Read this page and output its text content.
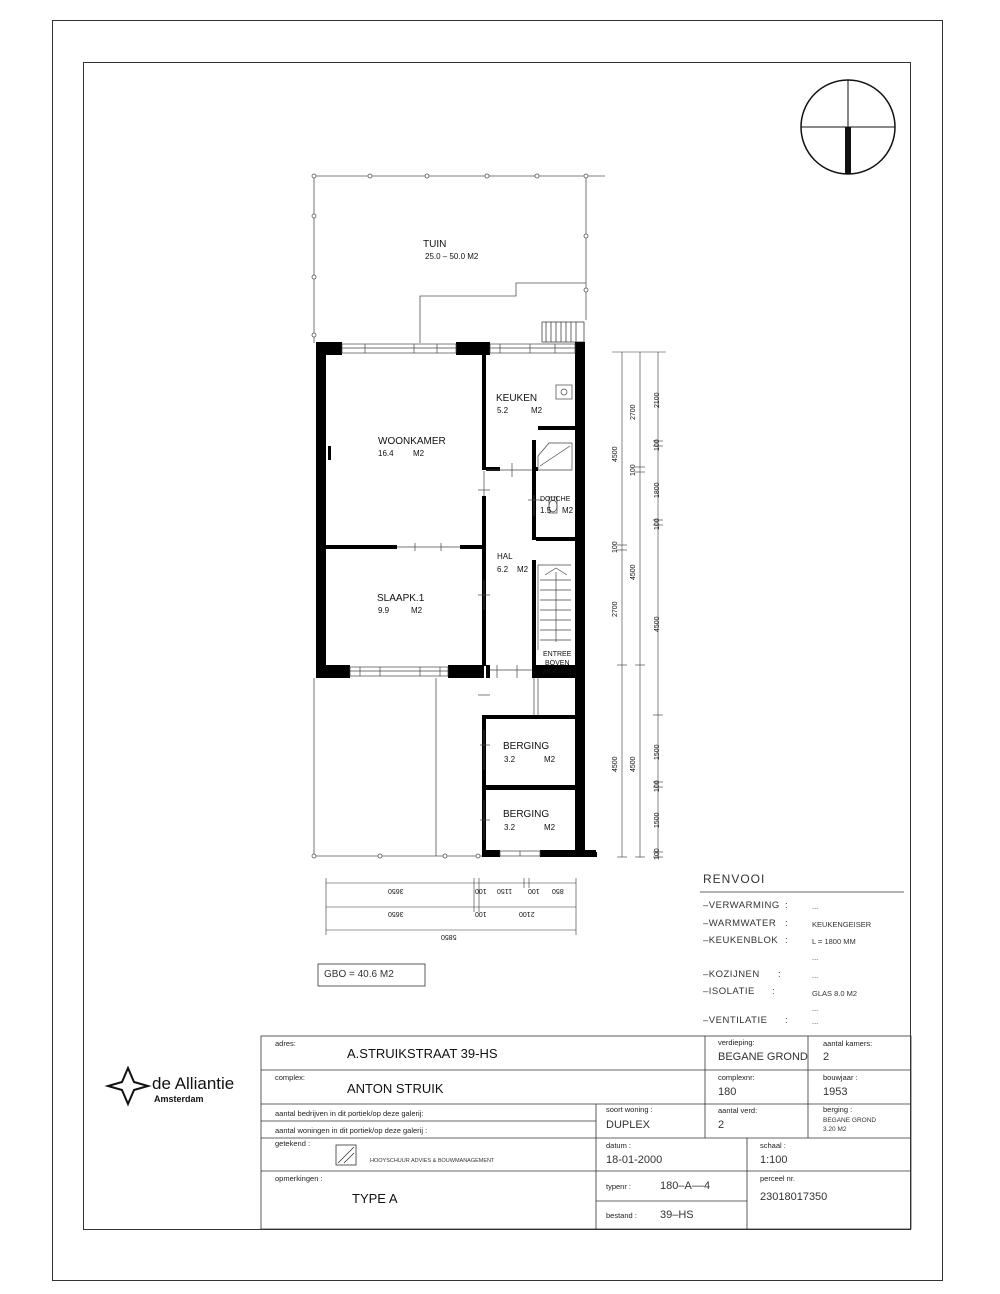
TUIN
25.0 – 50.0 M2
KEUKEN
5.2	M2
WOONKAMER
16.4 M2
DOUCHE
1.5 M2
HAL
6.2 M2
SLAAPK.1
9.9	M2
ENTREE
BOVEN
WONING
BERGING
3.2	M2
BERGING
3.2	M2
4500
100
2700
4500
2700
100
4500
4500
2100
100
1800
100
4500
1500
100
1500
100
3650	100 1150 100 850
3650	100	2100
5850
GBO = 40.6 M2
RENVOOI
–VERWARMING :	...
–WARMWATER :	KEUKENGEISER
–KEUKENBLOK :	L = 1800 MM
...
–KOZIJNEN :	...
–ISOLATIE :	GLAS 8.0 M2
...
–VENTILATIE :	...
de Alliantie
Amsterdam
adres:
A.STRUIKSTRAAT 39-HS
verdieping:
BEGANE GROND
aantal kamers:
2
complex:
ANTON STRUIK
complexnr:
180
bouwjaar :
1953
aantal bedrijven in dit portiek/op deze galerij:
aantal woningen in dit portiek/op deze galerij :
soort woning :
DUPLEX
aantal verd:
2
berging :
BEGANE GROND
3.20 M2
getekend :
HOOYSCHUUR ADVIES & BOUWMANAGEMENT
datum :
18-01-2000
schaal :
1:100
opmerkingen :
TYPE A
typenr :	180–A––4
perceel nr.
23018017350
bestand : 39–HS
